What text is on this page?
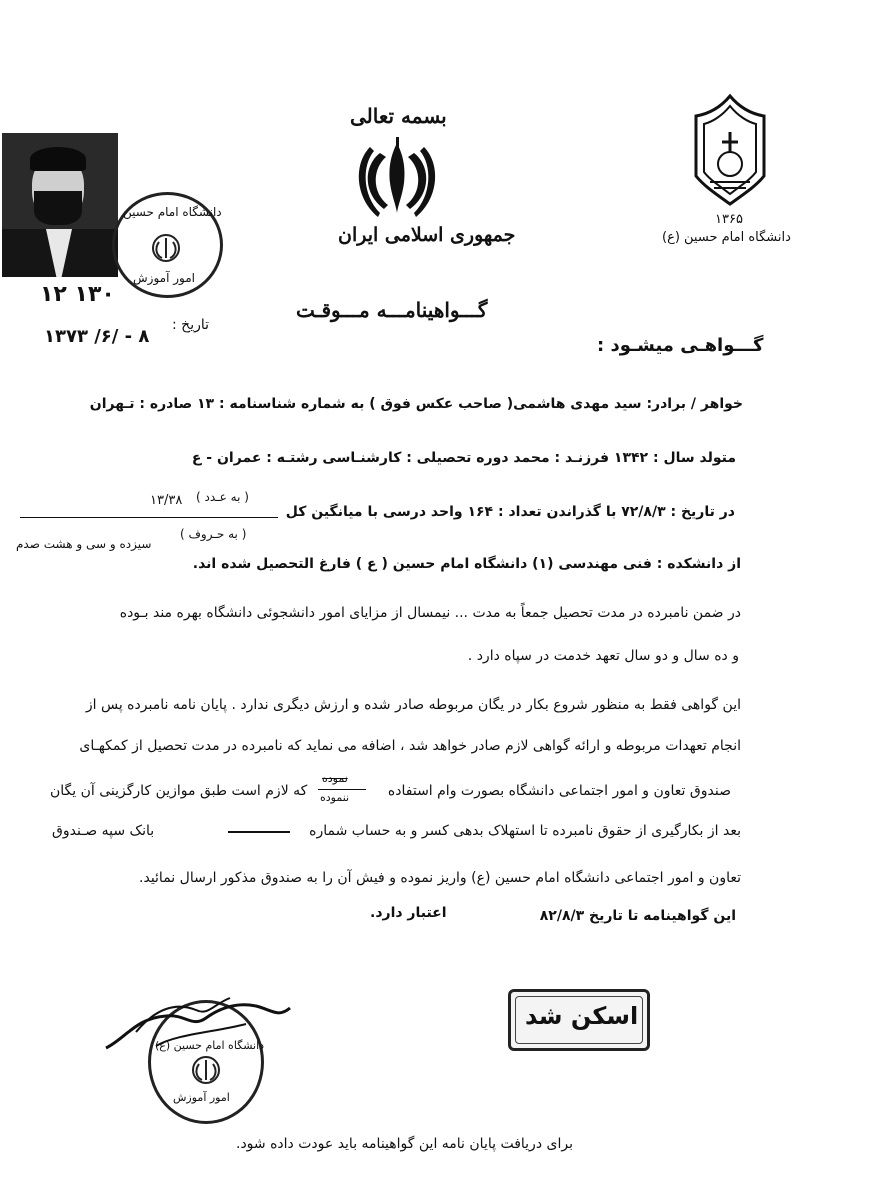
بسمه تعالی
جمهوری اسلامی ایران
۱۳۶۵
دانشگاه امام حسین (ع)
دانشگاه امام حسین
امور آموزش
۱۲ ۱۳۰
تاریخ :
۱۳۷۳ /۶/ - ۸
گـــواهینامـــه مـــوقـت
گـــواهـی میشـود :
خواهر / برادر: سید مهدی هاشمی( صاحب عکس فوق ) به شماره شناسنامه : ۱۳ صادره : تـهران
متولد سال : ۱۳۴۲ فرزنـد : محمد دوره تحصیلی : کارشنـاسی رشتـه : عمران - ع
در تاریخ : ۷۲/۸/۳ با گذراندن تعداد : ۱۶۴ واحد درسی با میانگین کل
( به عـدد )
۱۳/۳۸
( به حـروف )
سیزده و سی و هشت صدم
از دانشکده : فنی مهندسی (۱) دانشگاه امام حسین ( ع ) فارغ التحصیل شده اند.
در ضمن نامبرده در مدت تحصیل جمعاً به مدت ... نیمسال از مزایای امور دانشجوئی دانشگاه بهره مند بـوده
و ده سال و دو سال تعهد خدمت در سپاه دارد .
این گواهی فقط به منظور شروع بکار در یگان مربوطه صادر شده و ارزش دیگری ندارد . پایان نامه نامبرده پس از
انجام تعهدات مربوطه و ارائه گواهی لازم صادر خواهد شد ، اضافه می نماید که نامبرده در مدت تحصیل از کمکهـای
صندوق تعاون و امور اجتماعی دانشگاه بصورت وام استفاده
نموده
ننموده
که لازم است طبق موازین کارگزینی آن یگان
بعد از بکارگیری از حقوق نامبرده تا استهلاک بدهی کسر و به حساب شماره
بانک سپه صـندوق
تعاون و امور اجتماعی دانشگاه امام حسین (ع) واریز نموده و فیش آن را به صندوق مذکور ارسال نمائید.
این گواهینامه تا تاریخ ۸۲/۸/۳
اعتبار دارد.
اسکن شد
دانشگاه امام حسین (ع)
امور آموزش
برای دریافت پایان نامه این گواهینامه باید عودت داده شود.
